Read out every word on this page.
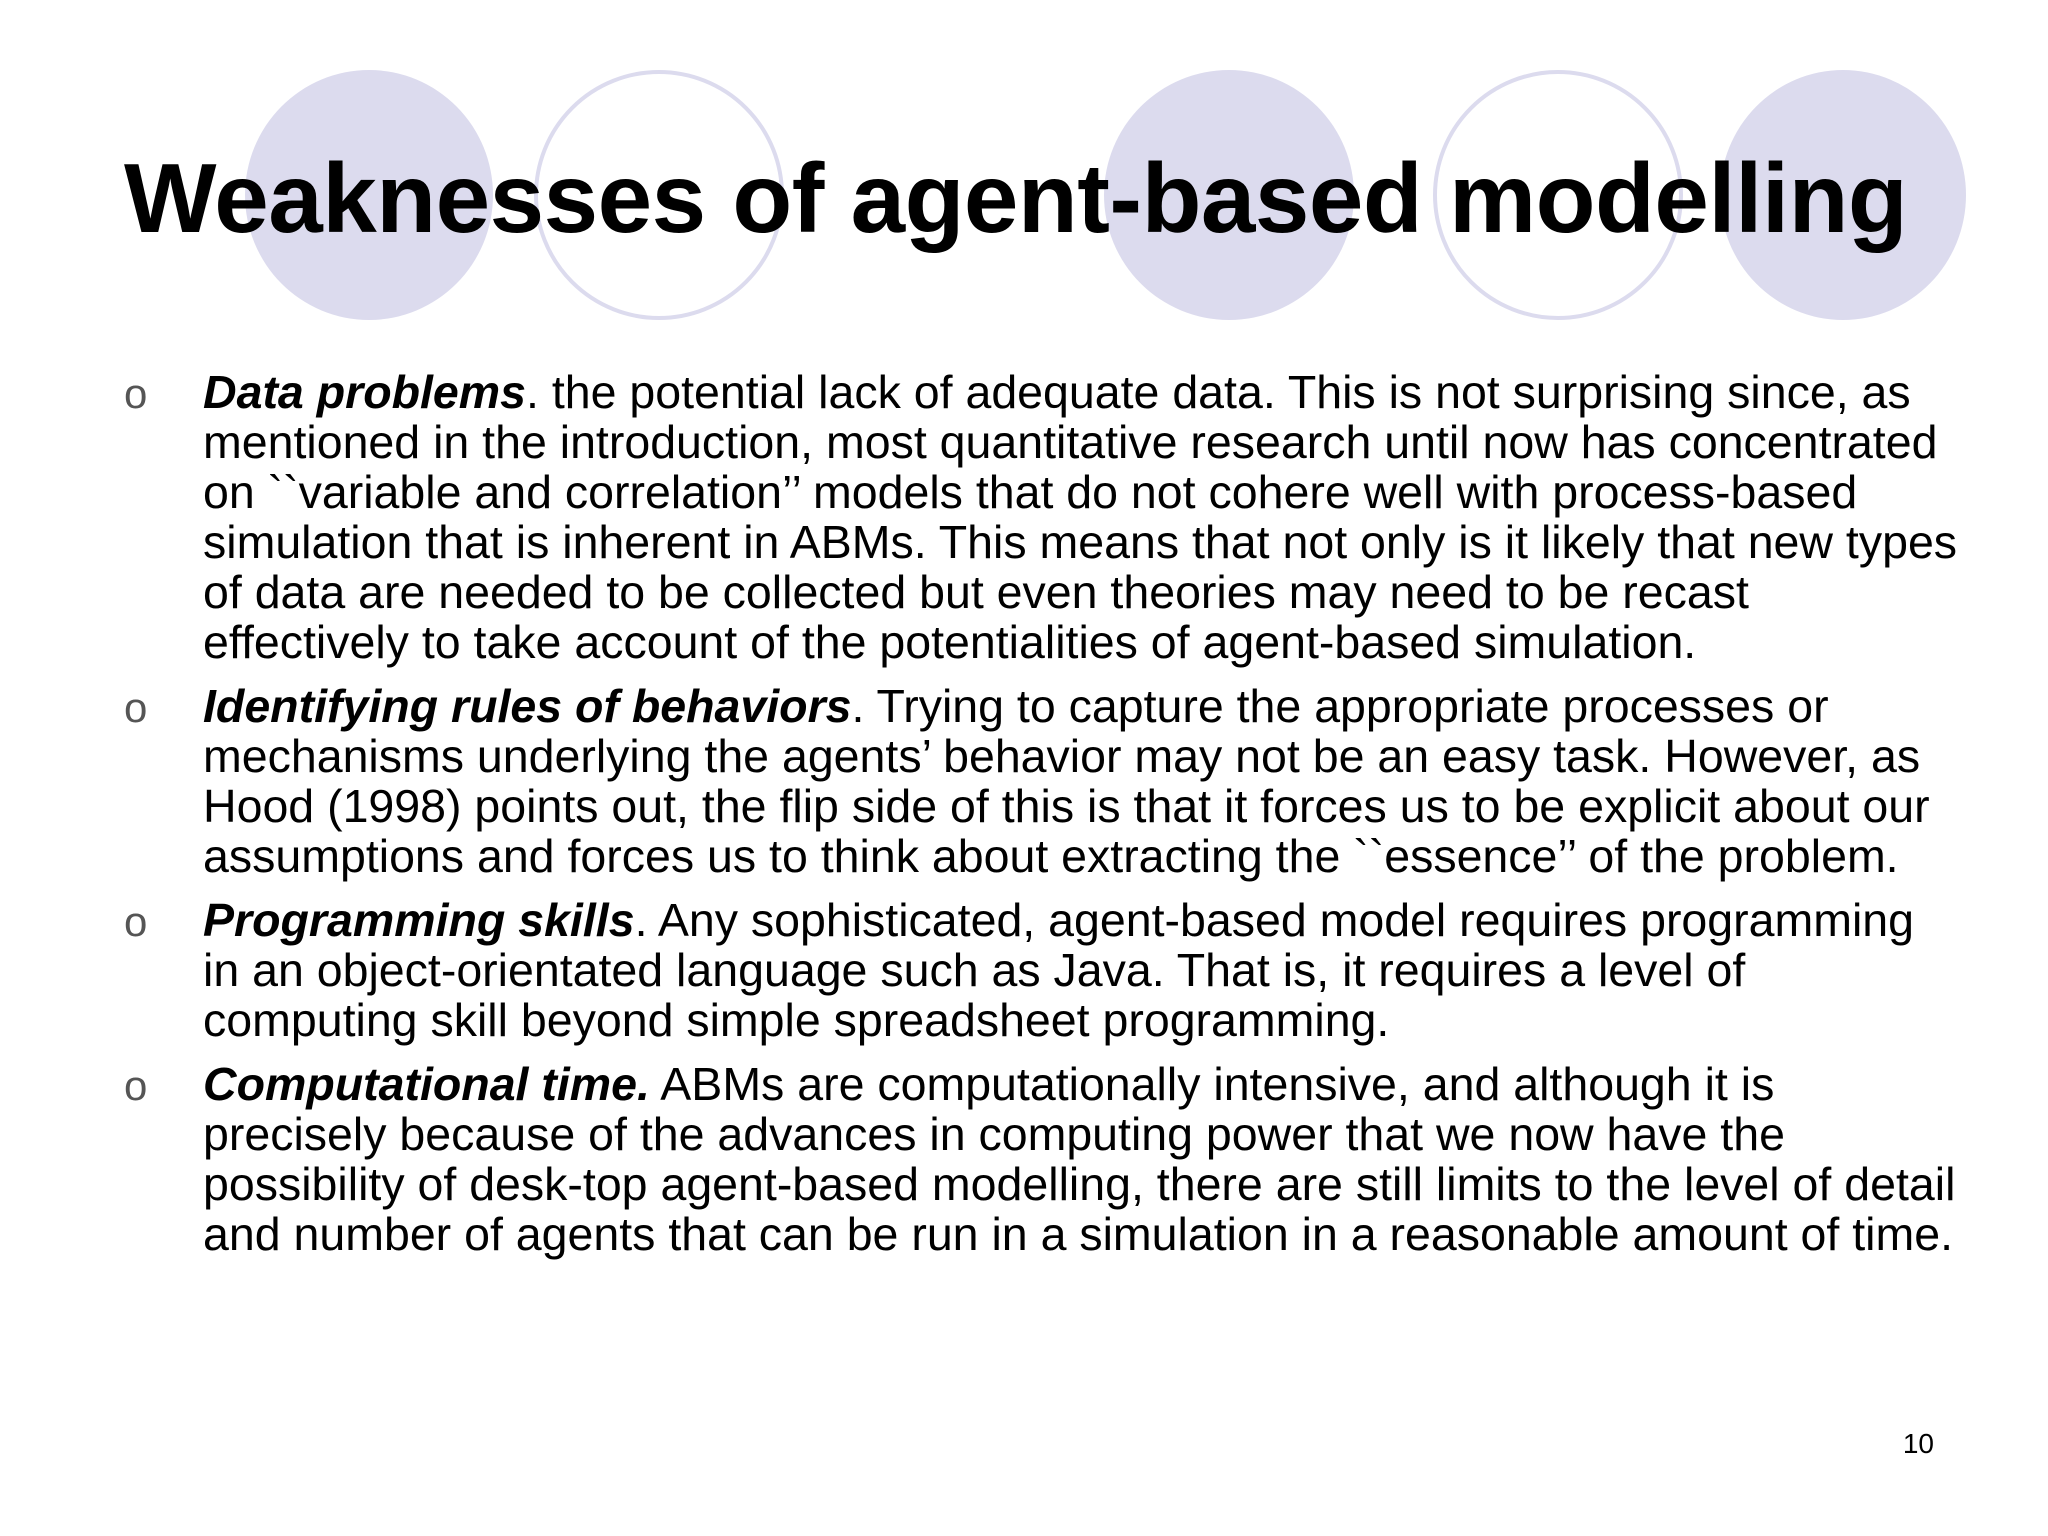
Weaknesses of agent-based modelling
o Data problems. the potential lack of adequate data. This is not surprising since, as mentioned in the introduction, most quantitative research until now has concentrated on ``variable and correlation’’ models that do not cohere well with process-based simulation that is inherent in ABMs. This means that not only is it likely that new types of data are needed to be collected but even theories may need to be recast effectively to take account of the potentialities of agent-based simulation.
o Identifying rules of behaviors. Trying to capture the appropriate processes or mechanisms underlying the agents’ behavior may not be an easy task. However, as Hood (1998) points out, the flip side of this is that it forces us to be explicit about our assumptions and forces us to think about extracting the ``essence’’ of the problem.
o Programming skills. Any sophisticated, agent-based model requires programming in an object-orientated language such as Java. That is, it requires a level of computing skill beyond simple spreadsheet programming.
o Computational time. ABMs are computationally intensive, and although it is precisely because of the advances in computing power that we now have the possibility of desk-top agent-based modelling, there are still limits to the level of detail and number of agents that can be run in a simulation in a reasonable amount of time.
10
